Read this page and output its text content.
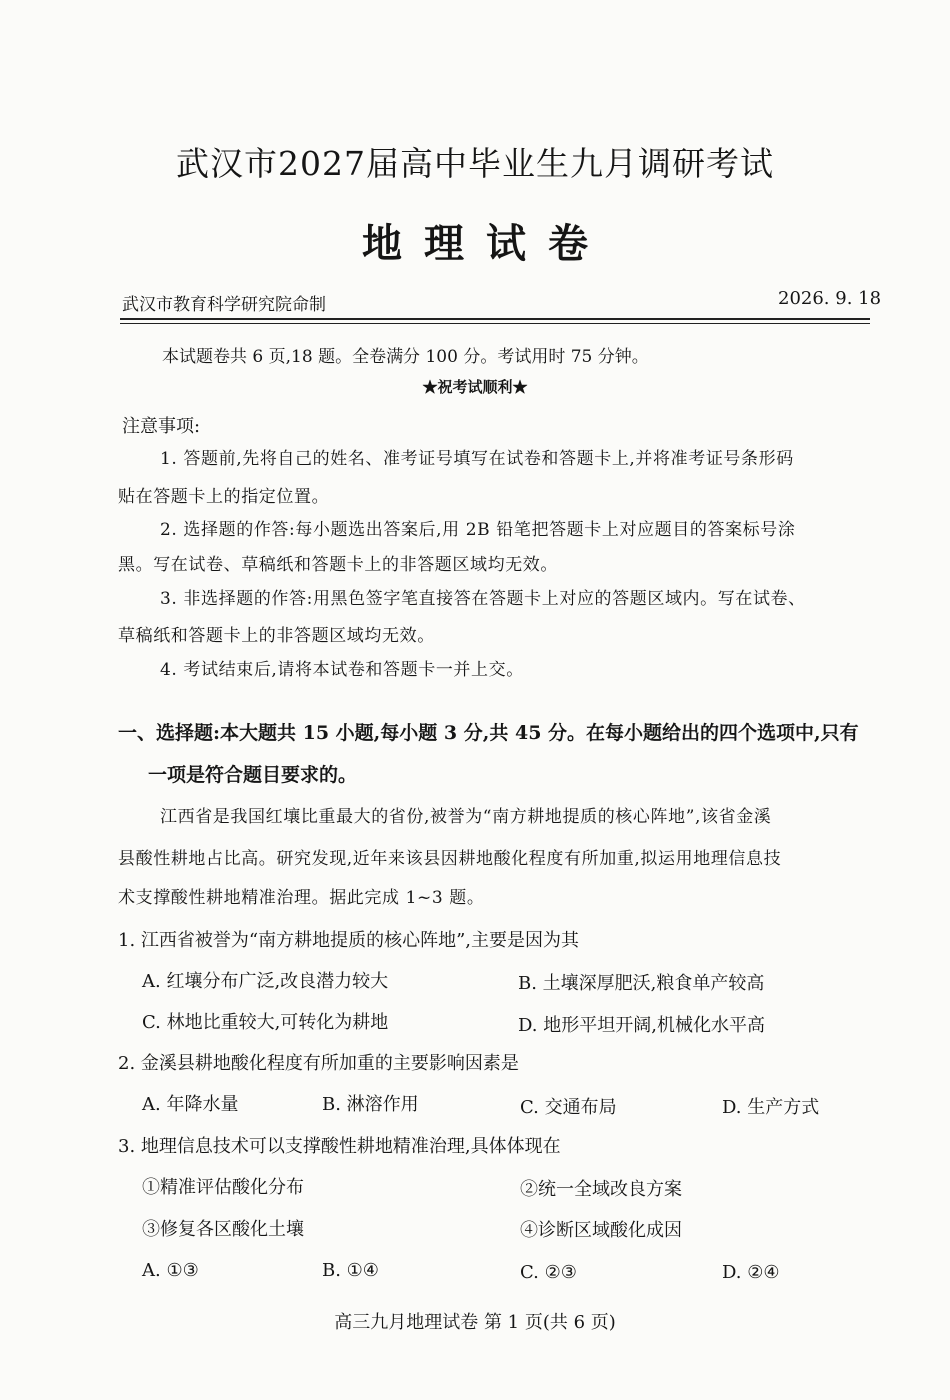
武汉市2027届高中毕业生九月调研考试
地理试卷
武汉市教育科学研究院命制	2026. 9. 18
本试题卷共 6 页,18 题。全卷满分 100 分。考试用时 75 分钟。
★祝考试顺利★
注意事项:
1. 答题前,先将自己的姓名、准考证号填写在试卷和答题卡上,并将准考证号条形码
贴在答题卡上的指定位置。
2. 选择题的作答:每小题选出答案后,用 2B 铅笔把答题卡上对应题目的答案标号涂
黑。写在试卷、草稿纸和答题卡上的非答题区域均无效。
3. 非选择题的作答:用黑色签字笔直接答在答题卡上对应的答题区域内。写在试卷、
草稿纸和答题卡上的非答题区域均无效。
4. 考试结束后,请将本试卷和答题卡一并上交。
一、选择题:本大题共 15 小题,每小题 3 分,共 45 分。在每小题给出的四个选项中,只有
一项是符合题目要求的。
江西省是我国红壤比重最大的省份,被誉为“南方耕地提质的核心阵地”,该省金溪
县酸性耕地占比高。研究发现,近年来该县因耕地酸化程度有所加重,拟运用地理信息技
术支撑酸性耕地精准治理。据此完成 1~3 题。
1. 江西省被誉为“南方耕地提质的核心阵地”,主要是因为其
A. 红壤分布广泛,改良潜力较大	B. 土壤深厚肥沃,粮食单产较高
C. 林地比重较大,可转化为耕地	D. 地形平坦开阔,机械化水平高
2. 金溪县耕地酸化程度有所加重的主要影响因素是
A. 年降水量	B. 淋溶作用	C. 交通布局	D. 生产方式
3. 地理信息技术可以支撑酸性耕地精准治理,具体体现在
①精准评估酸化分布	②统一全域改良方案
③修复各区酸化土壤	④诊断区域酸化成因
A. ①③	B. ①④	C. ②③	D. ②④
高三九月地理试卷 第 1 页(共 6 页)
